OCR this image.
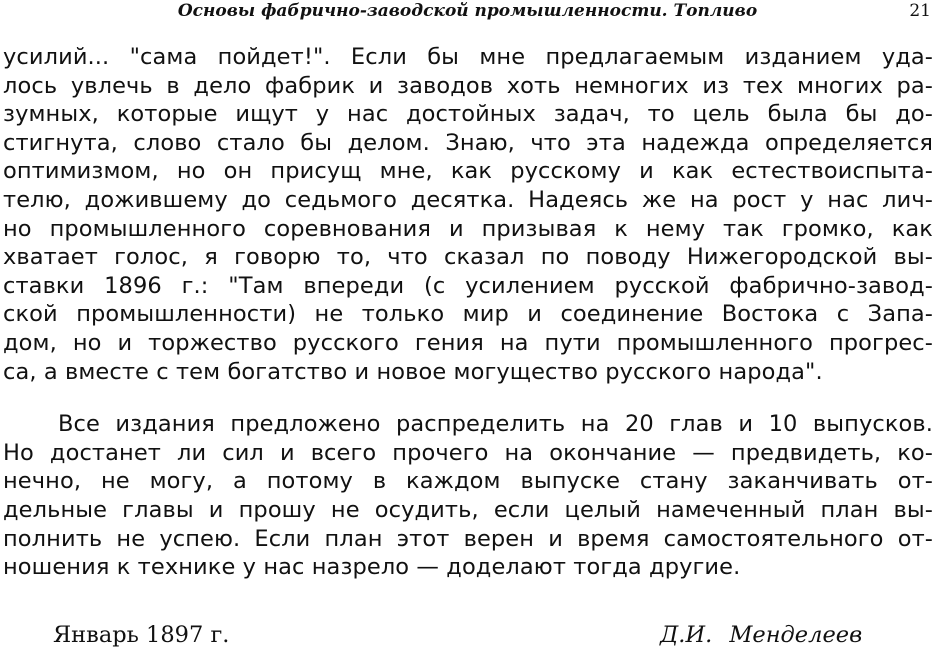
Основы фабрично-заводской промышленности. Топливо	21
усилий... "сама пойдет!". Если бы мне предлагаемым изданием уда-
лось увлечь в дело фабрик и заводов хоть немногих из тех многих ра-
зумных, которые ищут у нас достойных задач, то цель была бы до-
стигнута, слово стало бы делом. Знаю, что эта надежда определяется
оптимизмом, но он присущ мне, как русскому и как естествоиспыта-
телю, дожившему до седьмого десятка. Надеясь же на рост у нас лич-
но промышленного соревнования и призывая к нему так громко, как
хватает голос, я говорю то, что сказал по поводу Нижегородской вы-
ставки 1896 г.: "Там впереди (с усилением русской фабрично-завод-
ской промышленности) не только мир и соединение Востока с Запа-
дом, но и торжество русского гения на пути промышленного прогрес-
са, а вместе с тем богатство и новое могущество русского народа".
Все издания предложено распределить на 20 глав и 10 выпусков.
Но достанет ли сил и всего прочего на окончание — предвидеть, ко-
нечно, не могу, а потому в каждом выпуске стану заканчивать от-
дельные главы и прошу не осудить, если целый намеченный план вы-
полнить не успею. Если план этот верен и время самостоятельного от-
ношения к технике у нас назрело — доделают тогда другие.
Январь 1897 г.	Д.И. Менделеев
